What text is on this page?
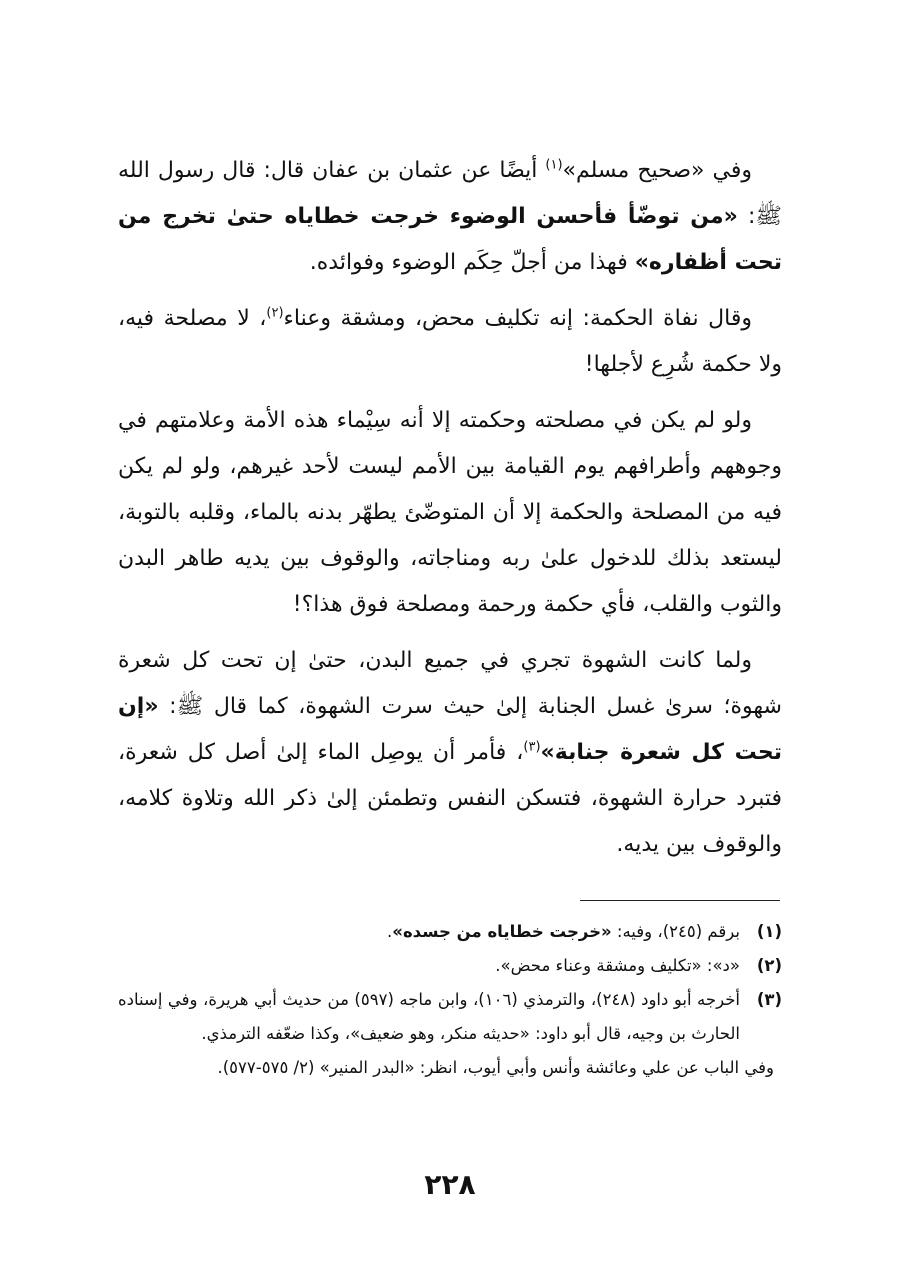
وفي «صحيح مسلم»$^{(١)}$ أيضًا عن عثمان بن عفان قال: قال رسول الله ﷺ: «من توضّأ فأحسن الوضوء خرجت خطاياه حتىٰ تخرج من تحت أظفاره» فهذا من أجلّ حِكَم الوضوء وفوائده.

وقال نفاة الحكمة: إنه تكليف محض، ومشقة وعناء$^{(٢)}$، لا مصلحة فيه، ولا حكمة شُرِع لأجلها!

ولو لم يكن في مصلحته وحكمته إلا أنه سِيْماء هذه الأمة وعلامتهم في وجوههم وأطرافهم يوم القيامة بين الأمم ليست لأحد غيرهم، ولو لم يكن فيه من المصلحة والحكمة إلا أن المتوضّئ يطهّر بدنه بالماء، وقلبه بالتوبة، ليستعد بذلك للدخول علىٰ ربه ومناجاته، والوقوف بين يديه طاهر البدن والثوب والقلب، فأي حكمة ورحمة ومصلحة فوق هذا؟!

ولما كانت الشهوة تجري في جميع البدن، حتىٰ إن تحت كل شعرة شهوة؛ سرىٰ غسل الجنابة إلىٰ حيث سرت الشهوة، كما قال ﷺ: «إن تحت كل شعرة جنابة»$^{(٣)}$، فأمر أن يوصِل الماء إلىٰ أصل كل شعرة، فتبرد حرارة الشهوة، فتسكن النفس وتطمئن إلىٰ ذكر الله وتلاوة كلامه، والوقوف بين يديه.

(١)
برقم (٢٤٥)، وفيه: «خرجت خطاياه من جسده».
(٢)
«د»: «تكليف ومشقة وعناء محض».
(٣)
أخرجه أبو داود (٢٤٨)، والترمذي (١٠٦)، وابن ماجه (٥٩٧) من حديث أبي هريرة، وفي إسناده الحارث بن وجيه، قال أبو داود: «حديثه منكر، وهو ضعيف»، وكذا ضعّفه الترمذي.
وفي الباب عن علي وعائشة وأنس وأبي أيوب، انظر: «البدر المنير» (٢/ ٥٧٥-٥٧٧).
٢٢٨
